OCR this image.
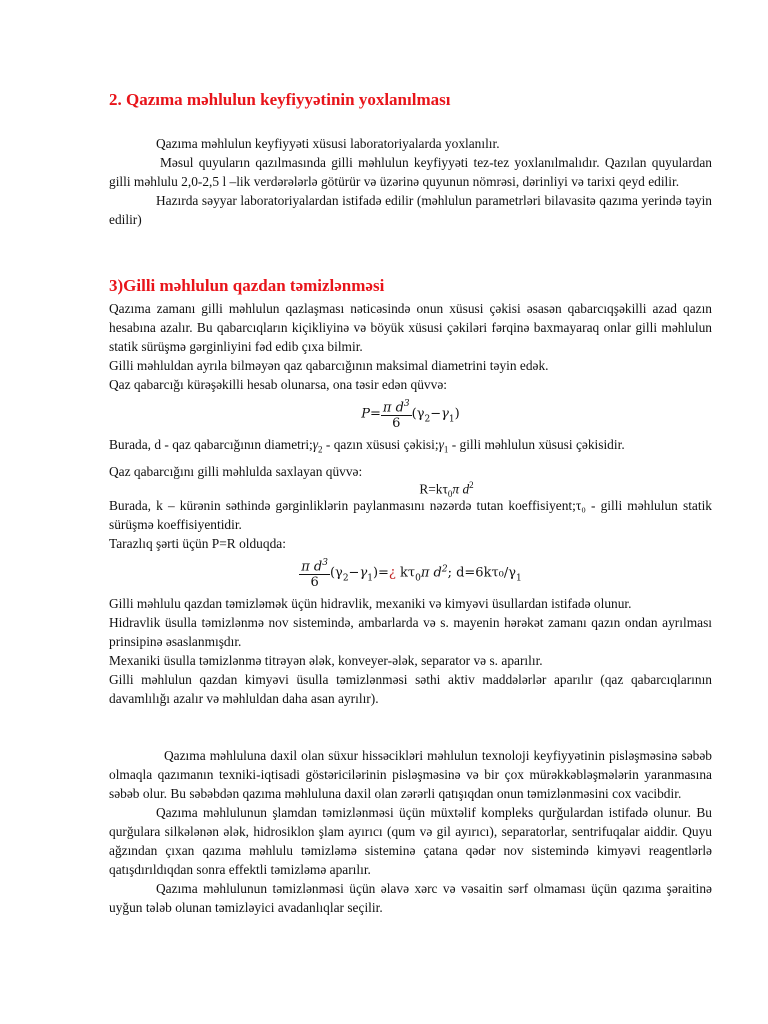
2. Qazıma məhlulun keyfiyyətinin yoxlanılması

Qazıma məhlulun keyfiyyəti xüsusi laboratoriyalarda yoxlanılır.

Məsul quyuların qazılmasında gilli məhlulun keyfiyyəti tez-tez yoxlanılmalıdır. Qazılan quyulardan gilli məhlulu 2,0-2,5 l –lik verdərələrlə götürür və üzərinə quyunun nömrəsi, dərinliyi və tarixi qeyd edilir.

Hazırda səyyar laboratoriyalardan istifadə edilir (məhlulun parametrləri bilavasitə qazıma yerində təyin edilir)

3)Gilli məhlulun qazdan təmizlənməsi

Qazıma zamanı gilli məhlulun qazlaşması nəticəsində onun xüsusi çəkisi əsasən qabarcıqşəkilli azad qazın hesabına azalır. Bu qabarcıqların kiçikliyinə və böyük xüsusi çəkiləri fərqinə baxmayaraq onlar gilli məhlulun statik sürüşmə gərginliyini fəd edib çıxa bilmir.

Gilli məhluldan ayrıla bilməyən qaz qabarcığının maksimal diametrini təyin edək.

Qaz qabarcığı kürəşəkilli hesab olunarsa, ona təsir edən qüvvə:

$P= \frac{\pi d^3}{6} (\gamma_2-\gamma_1)$

Burada, d - qaz qabarcığının $diametri;\gamma_2$ - qazın xüsusi $çəkisi;\gamma_1$ - gilli məhlulun xüsusi çəkisidir.

Qaz qabarcığını gilli məhlulda saxlayan qüvvə:

$R=k\tau_0\pi$ $d^2$

Burada, k – kürənin səthində gərginliklərin paylanmasını nəzərdə tutan koeffisiyent;τ₀ - gilli məhlulun statik sürüşmə koeffisiyentidir.

Tarazlıq şərti üçün P=R olduqda:

$\frac{\pi d^3}{6}$ $(\gamma_2-\gamma_1)=¿$ $k\tau_0\pi$ $d^2$; $d=6k\tau_0/\gamma_1$

Gilli məhlulu qazdan təmizləmək üçün hidravlik, mexaniki və kimyəvi üsullardan istifadə olunur.

Hidravlik üsulla təmizlənmə nov sistemində, ambarlarda və s. mayenin hərəkət zamanı qazın ondan ayrılması prinsipinə əsaslanmışdır.

Mexaniki üsulla təmizlənmə titrəyən ələk, konveyer-ələk, separator və s. aparılır.

Gilli məhlulun qazdan kimyəvi üsulla təmizlənməsi səthi aktiv maddələrlər aparılır (qaz qabarcıqlarının davamlılığı azalır və məhluldan daha asan ayrılır).

Qazıma məhluluna daxil olan süxur hissəcikləri məhlulun texnoloji keyfiyyətinin pisləşməsinə səbəb olmaqla qazımanın texniki-iqtisadi göstəricilərinin pisləşməsinə və bir çox mürəkkəbləşmələrin yaranmasına səbəb olur. Bu səbəbdən qazıma məhluluna daxil olan zərərli qatışıqdan onun təmizlənməsini cox vacibdir.

Qazıma məhlulunun şlamdan təmizlənməsi üçün müxtəlif kompleks qurğulardan istifadə olunur. Bu qurğulara silkələnən ələk, hidrosiklon şlam ayırıcı (qum və gil ayırıcı), separatorlar, sentrifuqalar aiddir. Quyu ağzından çıxan qazıma məhlulu təmizləmə sisteminə çatana qədər nov sistemində kimyəvi reagentlərlə qatışdırıldıqdan sonra effektli təmizləmə aparılır.

Qazıma məhlulunun təmizlənməsi üçün əlavə xərc və vəsaitin sərf olmaması üçün qazıma şəraitinə uyğun tələb olunan təmizləyici avadanlıqlar seçilir.
